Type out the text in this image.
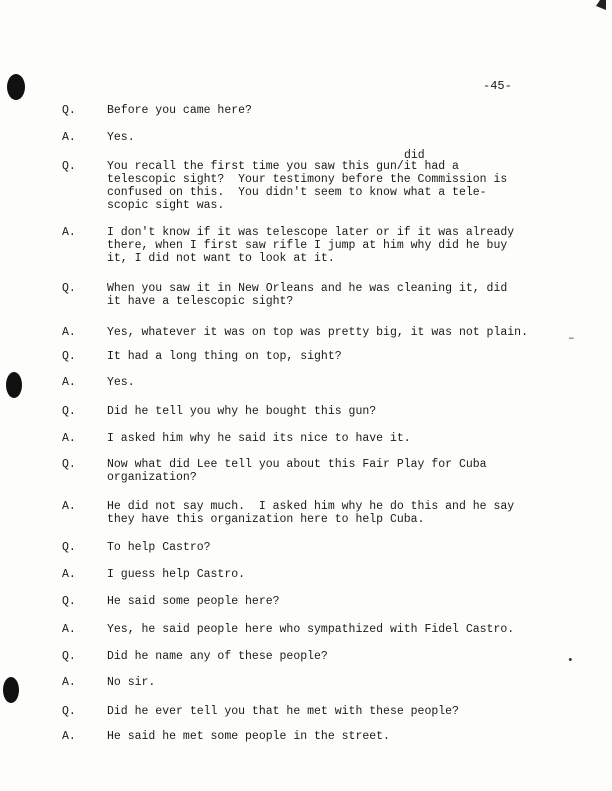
-45-
did
–
•
Q.	Before you came here?
A.	Yes.
Q.	You recall the first time you saw this gun/it had a
telescopic sight?  Your testimony before the Commission is
confused on this.  You didn't seem to know what a tele-
scopic sight was.
A.	I don't know if it was telescope later or if it was already
there, when I first saw rifle I jump at him why did he buy
it, I did not want to look at it.
Q.	When you saw it in New Orleans and he was cleaning it, did
it have a telescopic sight?
A.	Yes, whatever it was on top was pretty big, it was not plain.
Q.	It had a long thing on top, sight?
A.	Yes.
Q.	Did he tell you why he bought this gun?
A.	I asked him why he said its nice to have it.
Q.	Now what did Lee tell you about this Fair Play for Cuba
organization?
A.	He did not say much.  I asked him why he do this and he say
they have this organization here to help Cuba.
Q.	To help Castro?
A.	I guess help Castro.
Q.	He said some people here?
A.	Yes, he said people here who sympathized with Fidel Castro.
Q.	Did he name any of these people?
A.	No sir.
Q.	Did he ever tell you that he met with these people?
A.	He said he met some people in the street.
